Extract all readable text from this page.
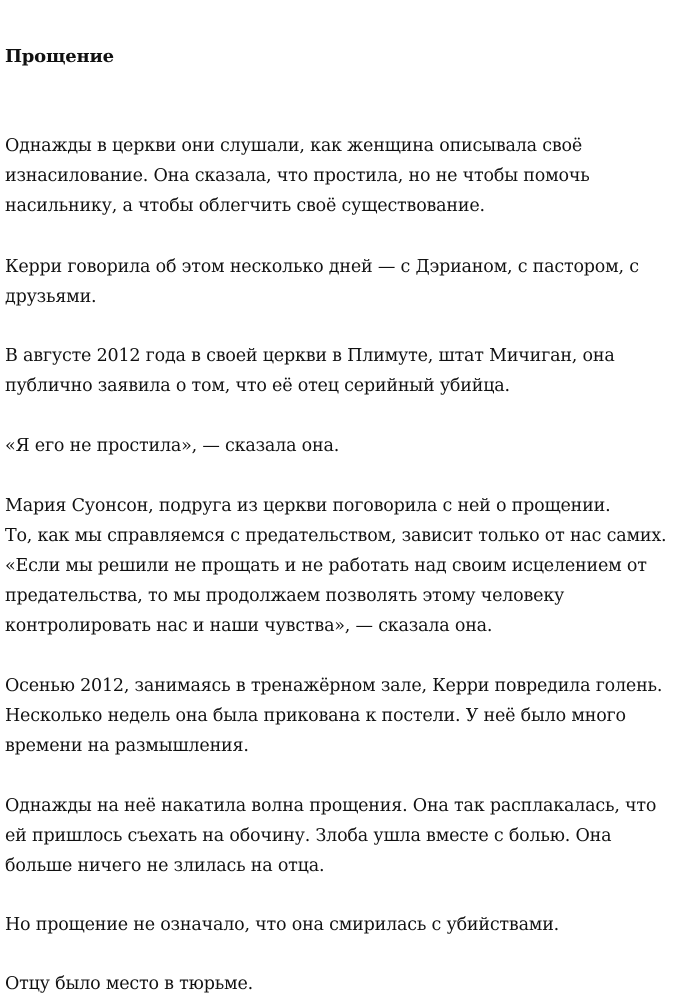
Прощение

Однажды в церкви они слушали, как женщина описывала своё
изнасилование. Она сказала, что простила, но не чтобы помочь
насильнику, а чтобы облегчить своё существование.

Керри говорила об этом несколько дней — с Дэрианом, с пастором, с
друзьями.

В августе 2012 года в своей церкви в Плимуте, штат Мичиган, она
публично заявила о том, что её отец серийный убийца.

«Я его не простила», — сказала она.

Мария Суонсон, подруга из церкви поговорила с ней о прощении.
То, как мы справляемся с предательством, зависит только от нас самих.
«Если мы решили не прощать и не работать над своим исцелением от
предательства, то мы продолжаем позволять этому человеку
контролировать нас и наши чувства», — сказала она.

Осенью 2012, занимаясь в тренажёрном зале, Керри повредила голень.
Несколько недель она была прикована к постели. У неё было много
времени на размышления.

Однажды на неё накатила волна прощения. Она так расплакалась, что
ей пришлось съехать на обочину. Злоба ушла вместе с болью. Она
больше ничего не злилась на отца.

Но прощение не означало, что она смирилась с убийствами.

Отцу было место в тюрьме.
